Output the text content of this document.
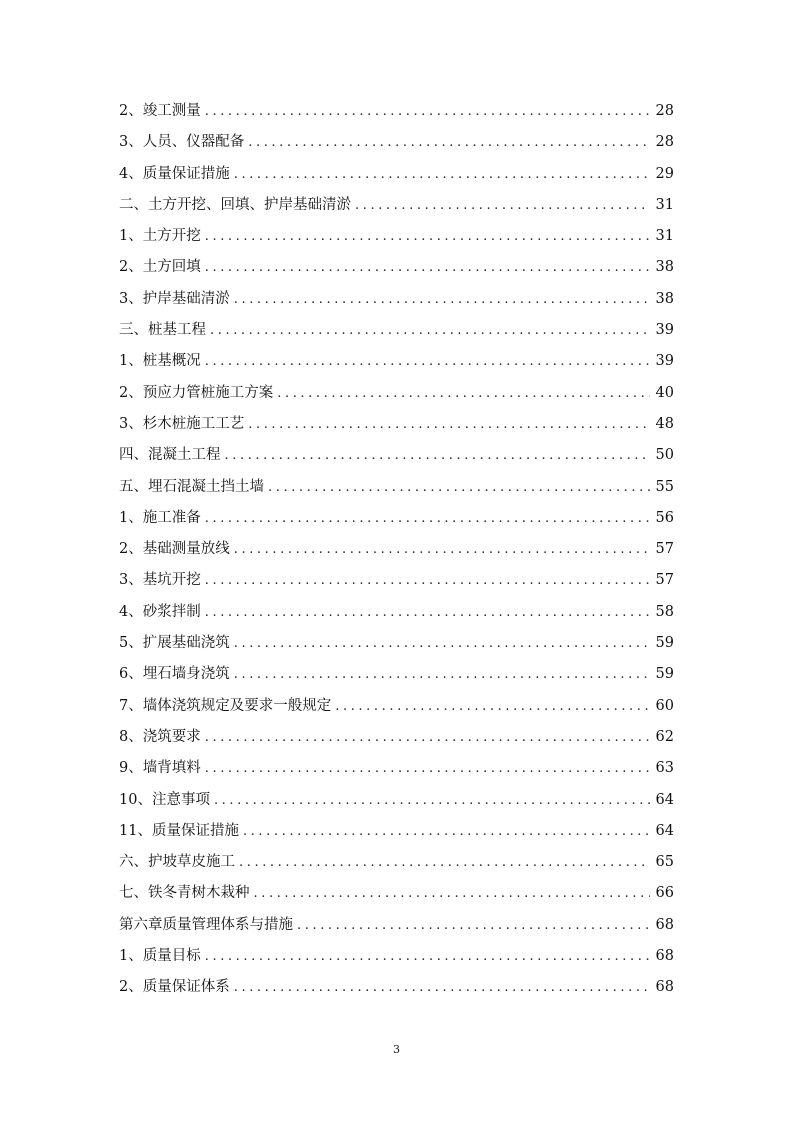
2、竣工测量 .....	28
3、人员、仪器配备 .....	28
4、质量保证措施 .....	29
二、土方开挖、回填、护岸基础清淤 .....	31
1、土方开挖 .....	31
2、土方回填 .....	38
3、护岸基础清淤 .....	38
三、桩基工程 .....	39
1、桩基概况 .....	39
2、预应力管桩施工方案 .....	40
3、杉木桩施工工艺 .....	48
四、混凝土工程 .....	50
五、埋石混凝土挡土墙 .....	55
1、施工准备 .....	56
2、基础测量放线 .....	57
3、基坑开挖 .....	57
4、砂浆拌制 .....	58
5、扩展基础浇筑 .....	59
6、埋石墙身浇筑 .....	59
7、墙体浇筑规定及要求一般规定 .....	60
8、浇筑要求 .....	62
9、墙背填料 .....	63
10、注意事项 .....	64
11、质量保证措施 .....	64
六、护坡草皮施工 .....	65
七、铁冬青树木栽种 .....	66
第六章质量管理体系与措施 .....	68
1、质量目标 .....	68
2、质量保证体系 .....	68
3
